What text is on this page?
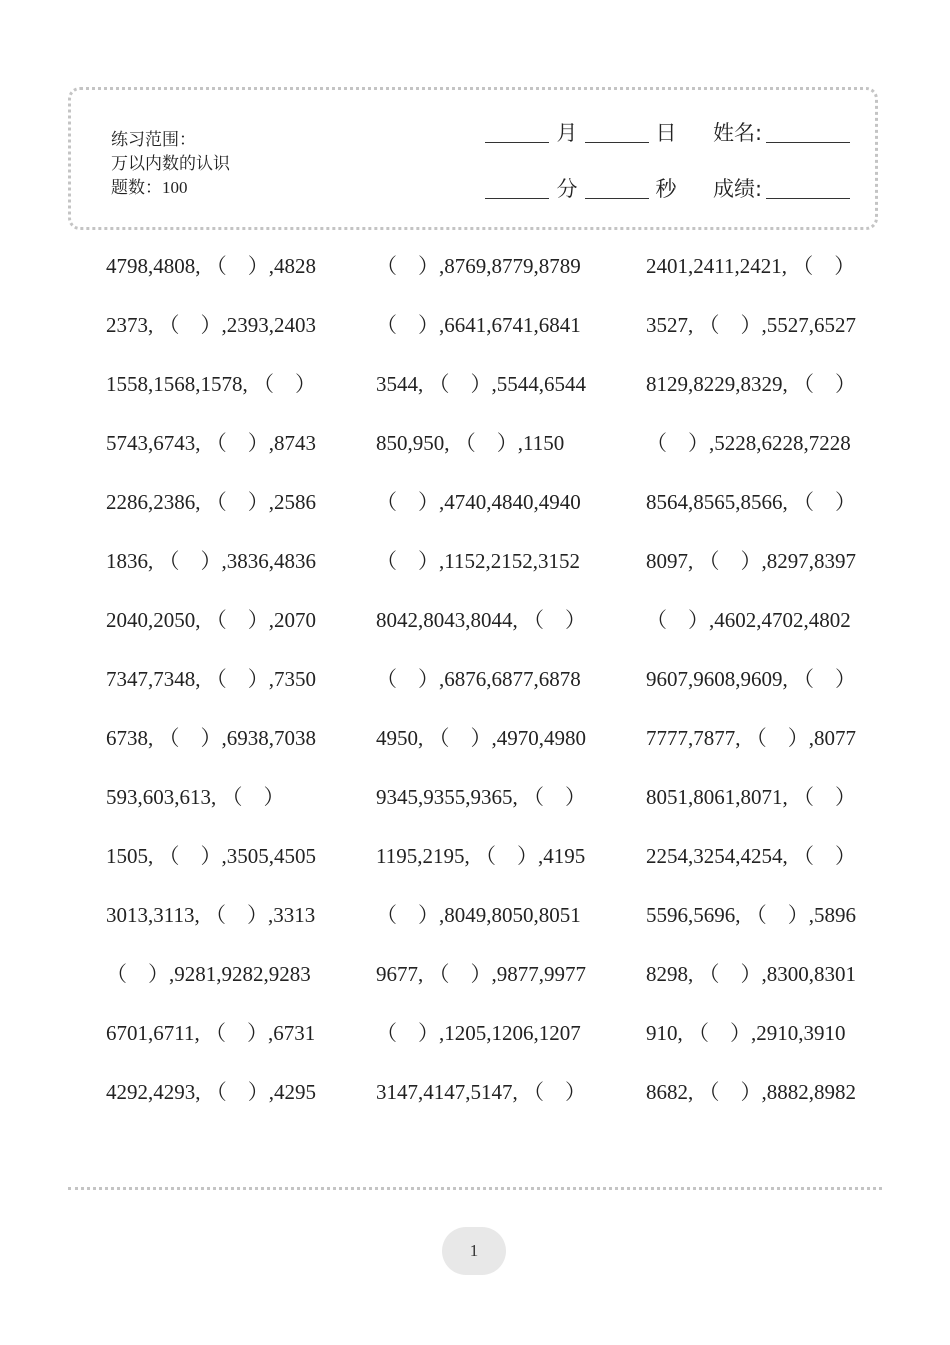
练习范围：
万以内数的认识
题数：100
月	日	姓名:
分	秒	成绩:
4798,4808, （　）,4828	（　）,8769,8779,8789	2401,2411,2421, （　）
2373, （　）,2393,2403	（　）,6641,6741,6841	3527, （　）,5527,6527
1558,1568,1578, （　）	3544, （　）,5544,6544	8129,8229,8329, （　）
5743,6743, （　）,8743	850,950, （　）,1150	（　）,5228,6228,7228
2286,2386, （　）,2586	（　）,4740,4840,4940	8564,8565,8566, （　）
1836, （　）,3836,4836	（　）,1152,2152,3152	8097, （　）,8297,8397
2040,2050, （　）,2070	8042,8043,8044, （　）	（　）,4602,4702,4802
7347,7348, （　）,7350	（　）,6876,6877,6878	9607,9608,9609, （　）
6738, （　）,6938,7038	4950, （　）,4970,4980	7777,7877, （　）,8077
593,603,613, （　）	9345,9355,9365, （　）	8051,8061,8071, （　）
1505, （　）,3505,4505	1195,2195, （　）,4195	2254,3254,4254, （　）
3013,3113, （　）,3313	（　）,8049,8050,8051	5596,5696, （　）,5896
（　）,9281,9282,9283	9677, （　）,9877,9977	8298, （　）,8300,8301
6701,6711, （　）,6731	（　）,1205,1206,1207	910, （　）,2910,3910
4292,4293, （　）,4295	3147,4147,5147, （　）	8682, （　）,8882,8982
1
